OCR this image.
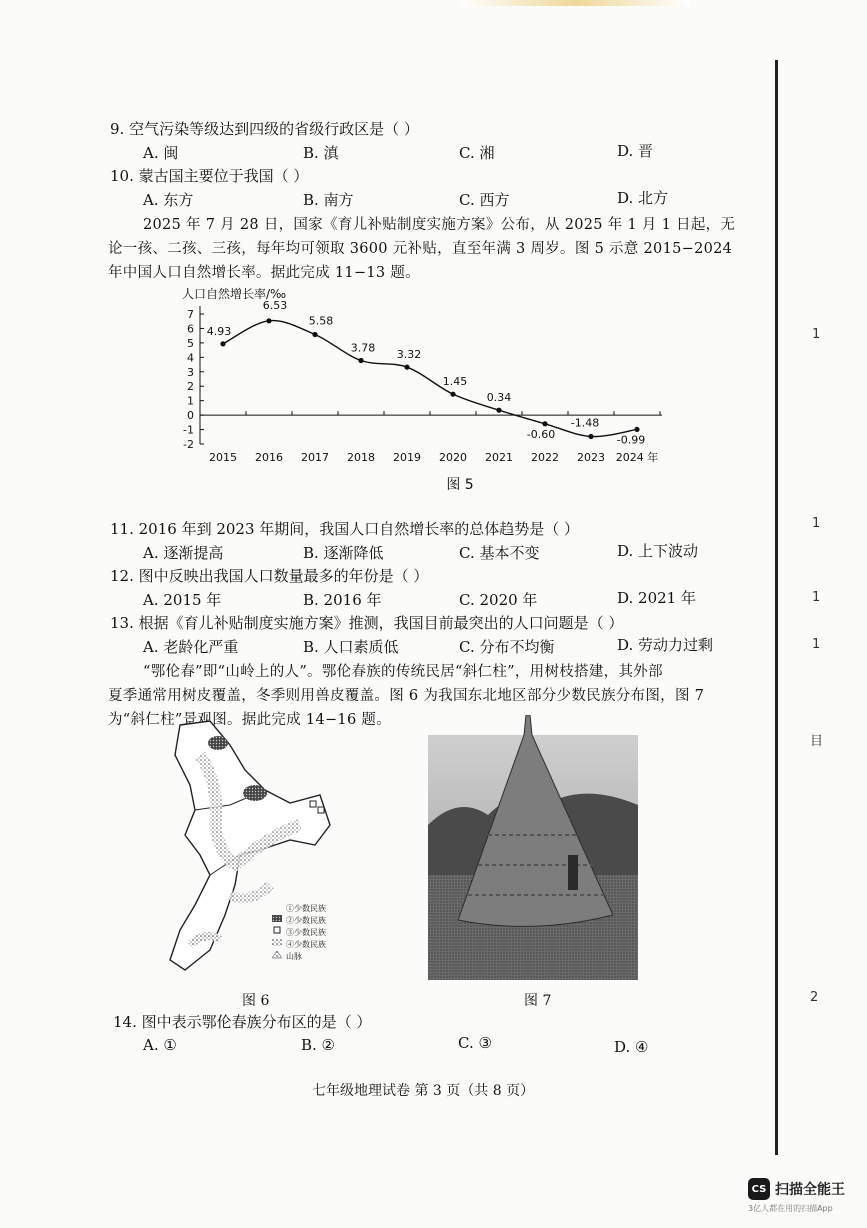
9. 空气污染等级达到四级的省级行政区是（ ）
A. 闽	B. 滇	C. 湘	D. 晋
10. 蒙古国主要位于我国（ ）
A. 东方	B. 南方	C. 西方	D. 北方
2025 年 7 月 28 日，国家《育儿补贴制度实施方案》公布，从 2025 年 1 月 1 日起，无
论一孩、二孩、三孩，每年均可领取 3600 元补贴，直至年满 3 周岁。图 5 示意 2015−2024
年中国人口自然增长率。据此完成 11−13 题。
人口自然增长率/‰
7
6
5
4
3
2
1
0
-1
-2
2015 2016 2017 2018 2019 2020 2021 2022 2023 2024 年
4.93
6.53
5.58
3.78
3.32
1.45
0.34
-0.60
-1.48
-0.99
图 5
11. 2016 年到 2023 年期间，我国人口自然增长率的总体趋势是（ ）
A. 逐渐提高	B. 逐渐降低	C. 基本不变	D. 上下波动
12. 图中反映出我国人口数量最多的年份是（ ）
A. 2015 年	B. 2016 年	C. 2020 年	D. 2021 年
13. 根据《育儿补贴制度实施方案》推测，我国目前最突出的人口问题是（ ）
A. 老龄化严重	B. 人口素质低	C. 分布不均衡	D. 劳动力过剩
“鄂伦春”即“山岭上的人”。鄂伦春族的传统民居“斜仁柱”，用树枝搭建，其外部
夏季通常用树皮覆盖，冬季则用兽皮覆盖。图 6 为我国东北地区部分少数民族分布图，图 7
为“斜仁柱”景观图。据此完成 14−16 题。
①少数民族
②少数民族
③少数民族
④少数民族
山脉
图 6	图 7
14. 图中表示鄂伦春族分布区的是（ ）
A. ①	B. ②	C. ③	D. ④
七年级地理试卷 第 3 页（共 8 页）
1
1
1
1
目
2
CS 扫描全能王
3亿人都在用的扫描App
